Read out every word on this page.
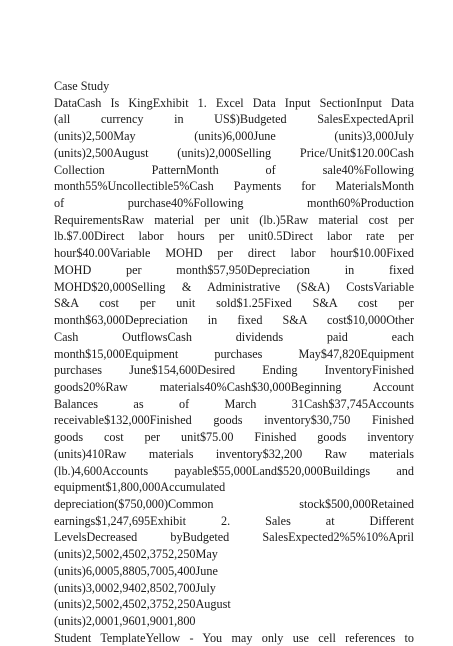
Case Study
DataCash Is KingExhibit 1. Excel Data Input SectionInput Data
(all currency in US$)Budgeted SalesExpectedApril
(units)2,500May (units)6,000June (units)3,000July
(units)2,500August (units)2,000Selling Price/Unit$120.00Cash
Collection PatternMonth of sale40%Following
month55%Uncollectible5%Cash Payments for MaterialsMonth
of purchase40%Following month60%Production
RequirementsRaw material per unit (lb.)5Raw material cost per
lb.$7.00Direct labor hours per unit0.5Direct labor rate per
hour$40.00Variable MOHD per direct labor hour$10.00Fixed
MOHD per month$57,950Depreciation in fixed
MOHD$20,000Selling & Administrative (S&A) CostsVariable
S&A cost per unit sold$1.25Fixed S&A cost per
month$63,000Depreciation in fixed S&A cost$10,000Other
Cash OutflowsCash dividends paid each
month$15,000Equipment purchases May$47,820Equipment
purchases June$154,600Desired Ending InventoryFinished
goods20%Raw materials40%Cash$30,000Beginning Account
Balances as of March 31Cash$37,745Accounts
receivable$132,000Finished goods inventory$30,750 Finished
goods cost per unit$75.00 Finished goods inventory
(units)410Raw materials inventory$32,200 Raw materials
(lb.)4,600Accounts payable$55,000Land$520,000Buildings and
equipment$1,800,000Accumulated
depreciation($750,000)Common stock$500,000Retained
earnings$1,247,695Exhibit 2. Sales at Different
LevelsDecreased byBudgeted SalesExpected2%5%10%April
(units)2,5002,4502,3752,250May
(units)6,0005,8805,7005,400June
(units)3,0002,9402,8502,700July
(units)2,5002,4502,3752,250August
(units)2,0001,9601,9001,800
Student TemplateYellow - You may only use cell references to
